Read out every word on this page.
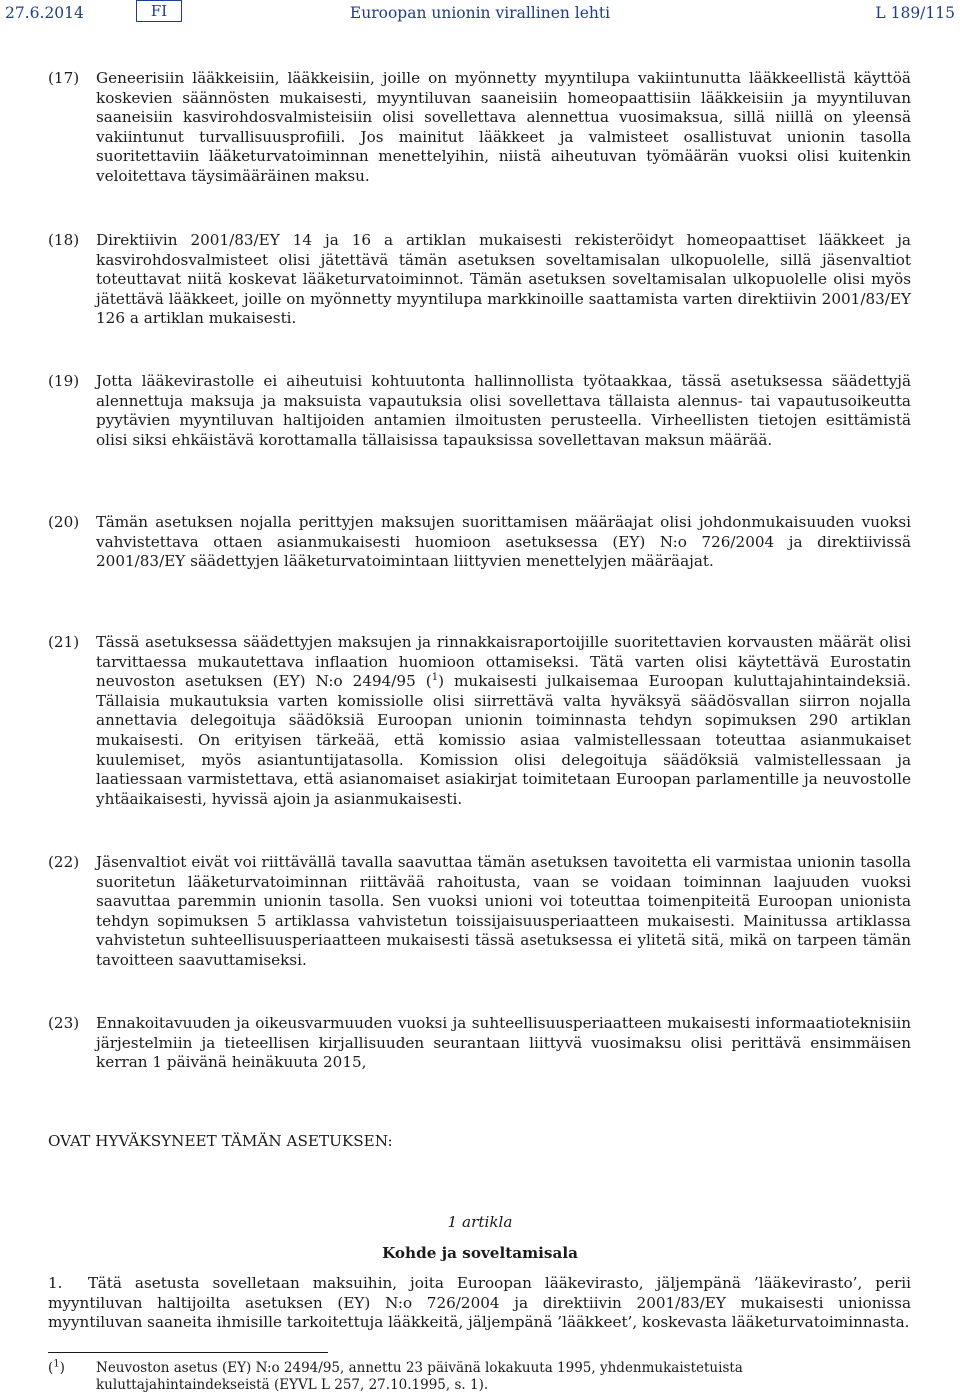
27.6.2014	FI	Euroopan unionin virallinen lehti	L 189/115
(17)	Geneerisiin lääkkeisiin, lääkkeisiin, joille on myönnetty myyntilupa vakiintunutta lääkkeellistä käyttöä koskevien säännösten mukaisesti, myyntiluvan saaneisiin homeopaattisiin lääkkeisiin ja myyntiluvan saaneisiin kasvirohdosvalmisteisiin olisi sovellettava alennettua vuosimaksua, sillä niillä on yleensä vakiintunut turvallisuusprofiili. Jos mainitut lääkkeet ja valmisteet osallistuvat unionin tasolla suoritettaviin lääketurvatoiminnan menettelyihin, niistä aiheutuvan työmäärän vuoksi olisi kuitenkin veloitettava täysimääräinen maksu.

(18)	Direktiivin 2001/83/EY 14 ja 16 a artiklan mukaisesti rekisteröidyt homeopaattiset lääkkeet ja kasvirohdosvalmisteet olisi jätettävä tämän asetuksen soveltamisalan ulkopuolelle, sillä jäsenvaltiot toteuttavat niitä koskevat lääketurvatoiminnot. Tämän asetuksen soveltamisalan ulkopuolelle olisi myös jätettävä lääkkeet, joille on myönnetty myyntilupa markkinoille saattamista varten direktiivin 2001/83/EY 126 a artiklan mukaisesti.

(19)	Jotta lääkevirastolle ei aiheutuisi kohtuutonta hallinnollista työtaakkaa, tässä asetuksessa säädettyjä alennettuja maksuja ja maksuista vapautuksia olisi sovellettava tällaista alennus- tai vapautusoikeutta pyytävien myyntiluvan haltijoiden antamien ilmoitusten perusteella. Virheellisten tietojen esittämistä olisi siksi ehkäistävä korottamalla tällaisissa tapauksissa sovellettavan maksun määrää.

(20)	Tämän asetuksen nojalla perittyjen maksujen suorittamisen määräajat olisi johdonmukaisuuden vuoksi vahvistettava ottaen asianmukaisesti huomioon asetuksessa (EY) N:o 726/2004 ja direktiivissä 2001/83/EY säädettyjen lääketurvatoimintaan liittyvien menettelyjen määräajat.

(21)	Tässä asetuksessa säädettyjen maksujen ja rinnakkaisraportoijille suoritettavien korvausten määrät olisi tarvittaessa mukautettava inflaation huomioon ottamiseksi. Tätä varten olisi käytettävä Eurostatin neuvoston asetuksen (EY) N:o 2494/95 ($^1$) mukaisesti julkaisemaa Euroopan kuluttajahintaindeksiä. Tällaisia mukautuksia varten komissiolle olisi siirrettävä valta hyväksyä säädösvallan siirron nojalla annettavia delegoituja säädöksiä Euroopan unionin toiminnasta tehdyn sopimuksen 290 artiklan mukaisesti. On erityisen tärkeää, että komissio asiaa valmistellessaan toteuttaa asianmukaiset kuulemiset, myös asiantuntijatasolla. Komission olisi delegoituja säädöksiä valmistellessaan ja laatiessaan varmistettava, että asianomaiset asiakirjat toimitetaan Euroopan parlamentille ja neuvostolle yhtäaikaisesti, hyvissä ajoin ja asianmukaisesti.

(22)	Jäsenvaltiot eivät voi riittävällä tavalla saavuttaa tämän asetuksen tavoitetta eli varmistaa unionin tasolla suoritetun lääketurvatoiminnan riittävää rahoitusta, vaan se voidaan toiminnan laajuuden vuoksi saavuttaa paremmin unionin tasolla. Sen vuoksi unioni voi toteuttaa toimenpiteitä Euroopan unionista tehdyn sopimuksen 5 artiklassa vahvistetun toissijaisuusperiaatteen mukaisesti. Mainitussa artiklassa vahvistetun suhteellisuusperiaatteen mukaisesti tässä asetuksessa ei ylitetä sitä, mikä on tarpeen tämän tavoitteen saavuttamiseksi.

(23)	Ennakoitavuuden ja oikeusvarmuuden vuoksi ja suhteellisuusperiaatteen mukaisesti informaatioteknisiin järjestelmiin ja tieteellisen kirjallisuuden seurantaan liittyvä vuosimaksu olisi perittävä ensimmäisen kerran 1 päivänä heinäkuuta 2015,

OVAT HYVÄKSYNEET TÄMÄN ASETUKSEN:
1 artikla
Kohde ja soveltamisala

1. Tätä asetusta sovelletaan maksuihin, joita Euroopan lääkevirasto, jäljempänä ’lääkevirasto’, perii myyntiluvan haltijoilta asetuksen (EY) N:o 726/2004 ja direktiivin 2001/83/EY mukaisesti unionissa myyntiluvan saaneita ihmisille tarkoitettuja lääkkeitä, jäljempänä ’lääkkeet’, koskevasta lääketurvatoiminnasta.

($^1$) Neuvoston asetus (EY) N:o 2494/95, annettu 23 päivänä lokakuuta 1995, yhdenmukaistetuista kuluttajahintaindekseistä (EYVL L 257, 27.10.1995, s. 1).
